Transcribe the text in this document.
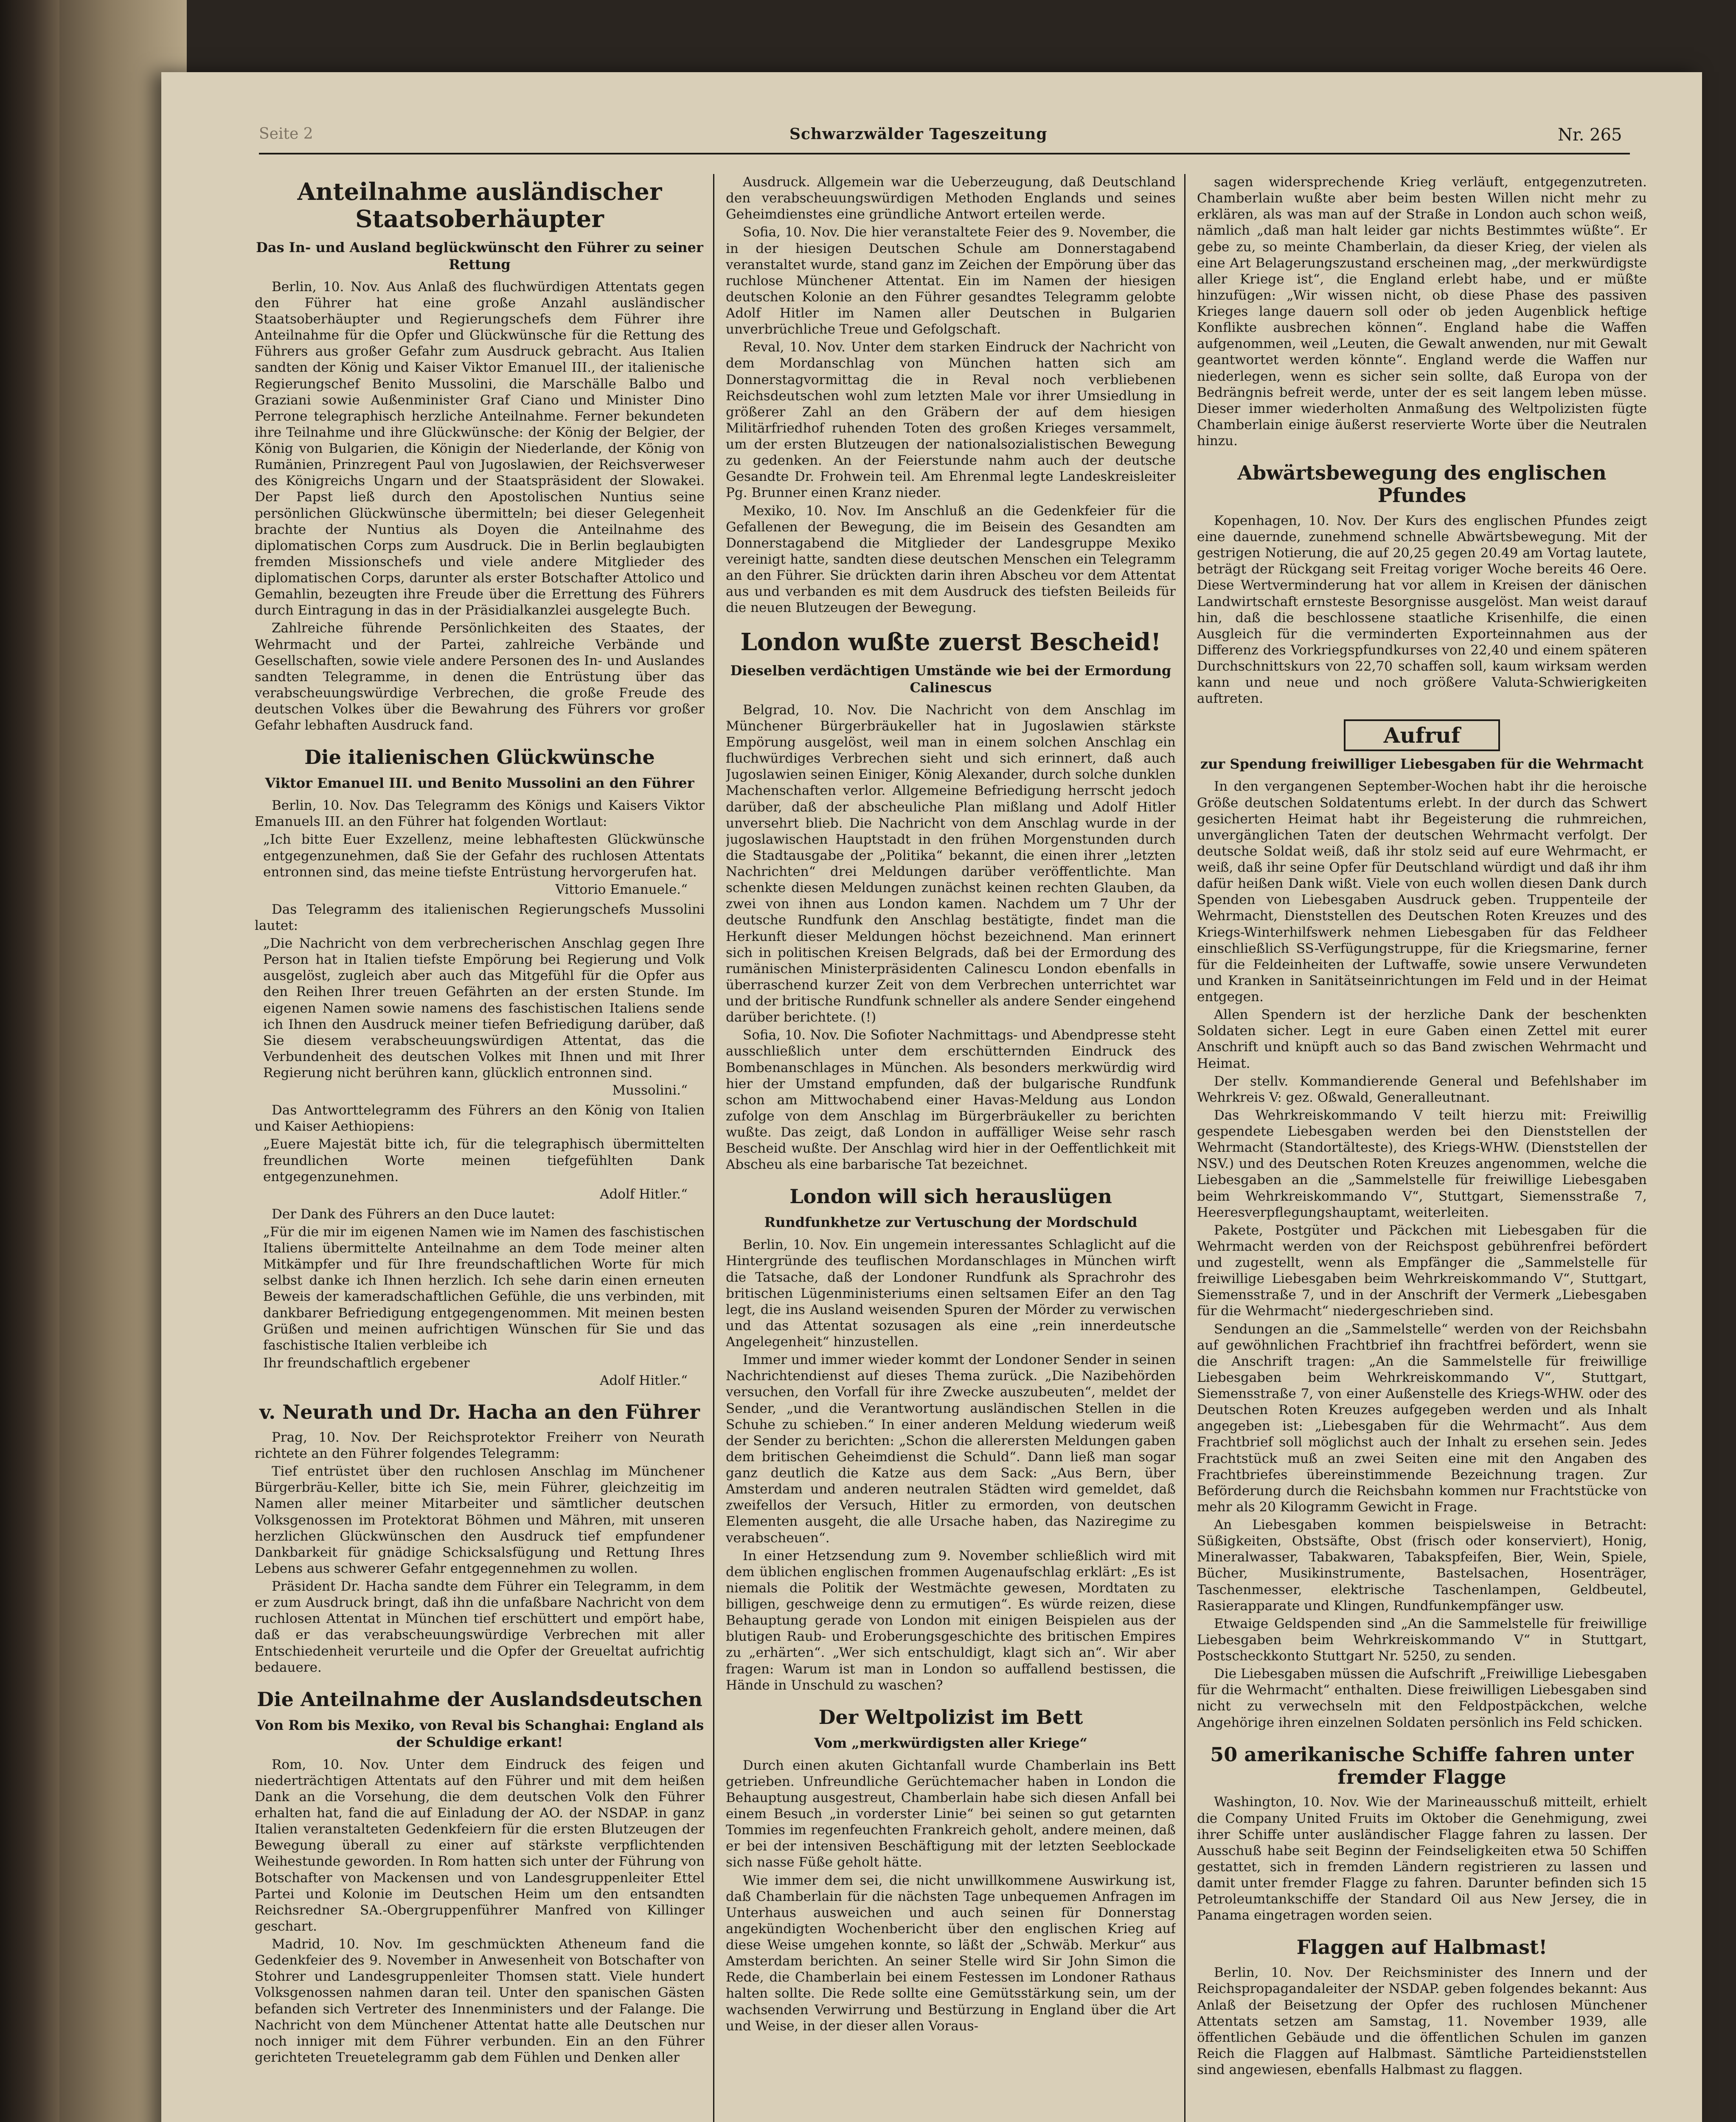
Seite 2	Schwarzwälder Tageszeitung	Nr. 265
Anteilnahme ausländischer Staatsoberhäupter
Das In- und Ausland beglückwünscht den Führer zu seiner Rettung

Berlin, 10. Nov. Aus Anlaß des fluchwürdigen Attentats gegen den Führer hat eine große Anzahl ausländischer Staatsoberhäupter und Regierungschefs dem Führer ihre Anteilnahme für die Opfer und Glückwünsche für die Rettung des Führers aus großer Gefahr zum Ausdruck gebracht. Aus Italien sandten der König und Kaiser Viktor Emanuel III., der italienische Regierungschef Benito Mussolini, die Marschälle Balbo und Graziani sowie Außenminister Graf Ciano und Minister Dino Perrone telegraphisch herzliche Anteilnahme. Ferner bekundeten ihre Teilnahme und ihre Glückwünsche: der König der Belgier, der König von Bulgarien, die Königin der Niederlande, der König von Rumänien, Prinzregent Paul von Jugoslawien, der Reichsverweser des Königreichs Ungarn und der Staatspräsident der Slowakei. Der Papst ließ durch den Apostolischen Nuntius seine persönlichen Glückwünsche übermitteln; bei dieser Gelegenheit brachte der Nuntius als Doyen die Anteilnahme des diplomatischen Corps zum Ausdruck. Die in Berlin beglaubigten fremden Missionschefs und viele andere Mitglieder des diplomatischen Corps, darunter als erster Botschafter Attolico und Gemahlin, bezeugten ihre Freude über die Errettung des Führers durch Eintragung in das in der Präsidialkanzlei ausgelegte Buch.

Zahlreiche führende Persönlichkeiten des Staates, der Wehrmacht und der Partei, zahlreiche Verbände und Gesellschaften, sowie viele andere Personen des In- und Auslandes sandten Telegramme, in denen die Entrüstung über das verabscheuungswürdige Verbrechen, die große Freude des deutschen Volkes über die Bewahrung des Führers vor großer Gefahr lebhaften Ausdruck fand.

Die italienischen Glückwünsche
Viktor Emanuel III. und Benito Mussolini an den Führer

Berlin, 10. Nov. Das Telegramm des Königs und Kaisers Viktor Emanuels III. an den Führer hat folgenden Wortlaut:

„Ich bitte Euer Exzellenz, meine lebhaftesten Glückwünsche entgegenzunehmen, daß Sie der Gefahr des ruchlosen Attentats entronnen sind, das meine tiefste Entrüstung hervorgerufen hat.

Vittorio Emanuele.“

Das Telegramm des italienischen Regierungschefs Mussolini lautet:

„Die Nachricht von dem verbrecherischen Anschlag gegen Ihre Person hat in Italien tiefste Empörung bei Regierung und Volk ausgelöst, zugleich aber auch das Mitgefühl für die Opfer aus den Reihen Ihrer treuen Gefährten an der ersten Stunde. Im eigenen Namen sowie namens des faschistischen Italiens sende ich Ihnen den Ausdruck meiner tiefen Befriedigung darüber, daß Sie diesem verabscheuungswürdigen Attentat, das die Verbundenheit des deutschen Volkes mit Ihnen und mit Ihrer Regierung nicht berühren kann, glücklich entronnen sind.

Mussolini.“

Das Antworttelegramm des Führers an den König von Italien und Kaiser Aethiopiens:

„Euere Majestät bitte ich, für die telegraphisch übermittelten freundlichen Worte meinen tiefgefühlten Dank entgegenzunehmen.

Adolf Hitler.“

Der Dank des Führers an den Duce lautet:

„Für die mir im eigenen Namen wie im Namen des faschistischen Italiens übermittelte Anteilnahme an dem Tode meiner alten Mitkämpfer und für Ihre freundschaftlichen Worte für mich selbst danke ich Ihnen herzlich. Ich sehe darin einen erneuten Beweis der kameradschaftlichen Gefühle, die uns verbinden, mit dankbarer Befriedigung entgegengenommen. Mit meinen besten Grüßen und meinen aufrichtigen Wünschen für Sie und das faschistische Italien verbleibe ich

Ihr freundschaftlich ergebener

Adolf Hitler.“
v. Neurath und Dr. Hacha an den Führer

Prag, 10. Nov. Der Reichsprotektor Freiherr von Neurath richtete an den Führer folgendes Telegramm:

Tief entrüstet über den ruchlosen Anschlag im Münchener Bürgerbräu-Keller, bitte ich Sie, mein Führer, gleichzeitig im Namen aller meiner Mitarbeiter und sämtlicher deutschen Volksgenossen im Protektorat Böhmen und Mähren, mit unseren herzlichen Glückwünschen den Ausdruck tief empfundener Dankbarkeit für gnädige Schicksalsfügung und Rettung Ihres Lebens aus schwerer Gefahr entgegennehmen zu wollen.

Präsident Dr. Hacha sandte dem Führer ein Telegramm, in dem er zum Ausdruck bringt, daß ihn die unfaßbare Nachricht von dem ruchlosen Attentat in München tief erschüttert und empört habe, daß er das verabscheuungswürdige Verbrechen mit aller Entschiedenheit verurteile und die Opfer der Greueltat aufrichtig bedauere.

Die Anteilnahme der Auslandsdeutschen
Von Rom bis Mexiko, von Reval bis Schanghai: England als der Schuldige erkant!

Rom, 10. Nov. Unter dem Eindruck des feigen und niederträchtigen Attentats auf den Führer und mit dem heißen Dank an die Vorsehung, die dem deutschen Volk den Führer erhalten hat, fand die auf Einladung der AO. der NSDAP. in ganz Italien veranstalteten Gedenkfeiern für die ersten Blutzeugen der Bewegung überall zu einer auf stärkste verpflichtenden Weihestunde geworden. In Rom hatten sich unter der Führung von Botschafter von Mackensen und von Landesgruppenleiter Ettel Partei und Kolonie im Deutschen Heim um den entsandten Reichsredner SA.-Obergruppenführer Manfred von Killinger geschart.

Madrid, 10. Nov. Im geschmückten Atheneum fand die Gedenkfeier des 9. November in Anwesenheit von Botschafter von Stohrer und Landesgruppenleiter Thomsen statt. Viele hundert Volksgenossen nahmen daran teil. Unter den spanischen Gästen befanden sich Vertreter des Innenministers und der Falange. Die Nachricht von dem Münchener Attentat hatte alle Deutschen nur noch inniger mit dem Führer verbunden. Ein an den Führer gerichteten Treuetelegramm gab dem Fühlen und Denken aller

Ausdruck. Allgemein war die Ueberzeugung, daß Deutschland den verabscheuungswürdigen Methoden Englands und seines Geheimdienstes eine gründliche Antwort erteilen werde.

Sofia, 10. Nov. Die hier veranstaltete Feier des 9. November, die in der hiesigen Deutschen Schule am Donnerstagabend veranstaltet wurde, stand ganz im Zeichen der Empörung über das ruchlose Münchener Attentat. Ein im Namen der hiesigen deutschen Kolonie an den Führer gesandtes Telegramm gelobte Adolf Hitler im Namen aller Deutschen in Bulgarien unverbrüchliche Treue und Gefolgschaft.

Reval, 10. Nov. Unter dem starken Eindruck der Nachricht von dem Mordanschlag von München hatten sich am Donnerstagvormittag die in Reval noch verbliebenen Reichsdeutschen wohl zum letzten Male vor ihrer Umsiedlung in größerer Zahl an den Gräbern der auf dem hiesigen Militärfriedhof ruhenden Toten des großen Krieges versammelt, um der ersten Blutzeugen der nationalsozialistischen Bewegung zu gedenken. An der Feierstunde nahm auch der deutsche Gesandte Dr. Frohwein teil. Am Ehrenmal legte Landeskreisleiter Pg. Brunner einen Kranz nieder.

Mexiko, 10. Nov. Im Anschluß an die Gedenkfeier für die Gefallenen der Bewegung, die im Beisein des Gesandten am Donnerstagabend die Mitglieder der Landesgruppe Mexiko vereinigt hatte, sandten diese deutschen Menschen ein Telegramm an den Führer. Sie drückten darin ihren Abscheu vor dem Attentat aus und verbanden es mit dem Ausdruck des tiefsten Beileids für die neuen Blutzeugen der Bewegung.

London wußte zuerst Bescheid!
Dieselben verdächtigen Umstände wie bei der Ermordung Calinescus

Belgrad, 10. Nov. Die Nachricht von dem Anschlag im Münchener Bürgerbräukeller hat in Jugoslawien stärkste Empörung ausgelöst, weil man in einem solchen Anschlag ein fluchwürdiges Verbrechen sieht und sich erinnert, daß auch Jugoslawien seinen Einiger, König Alexander, durch solche dunklen Machenschaften verlor. Allgemeine Befriedigung herrscht jedoch darüber, daß der abscheuliche Plan mißlang und Adolf Hitler unversehrt blieb. Die Nachricht von dem Anschlag wurde in der jugoslawischen Hauptstadt in den frühen Morgenstunden durch die Stadtausgabe der „Politika“ bekannt, die einen ihrer „letzten Nachrichten“ drei Meldungen darüber veröffentlichte. Man schenkte diesen Meldungen zunächst keinen rechten Glauben, da zwei von ihnen aus London kamen. Nachdem um 7 Uhr der deutsche Rundfunk den Anschlag bestätigte, findet man die Herkunft dieser Meldungen höchst bezeichnend. Man erinnert sich in politischen Kreisen Belgrads, daß bei der Ermordung des rumänischen Ministerpräsidenten Calinescu London ebenfalls in überraschend kurzer Zeit von dem Verbrechen unterrichtet war und der britische Rundfunk schneller als andere Sender eingehend darüber berichtete. (!)

Sofia, 10. Nov. Die Sofioter Nachmittags- und Abendpresse steht ausschließlich unter dem erschütternden Eindruck des Bombenanschlages in München. Als besonders merkwürdig wird hier der Umstand empfunden, daß der bulgarische Rundfunk schon am Mittwochabend einer Havas-Meldung aus London zufolge von dem Anschlag im Bürgerbräukeller zu berichten wußte. Das zeigt, daß London in auffälliger Weise sehr rasch Bescheid wußte. Der Anschlag wird hier in der Oeffentlichkeit mit Abscheu als eine barbarische Tat bezeichnet.

London will sich herauslügen
Rundfunkhetze zur Vertuschung der Mordschuld

Berlin, 10. Nov. Ein ungemein interessantes Schlaglicht auf die Hintergründe des teuflischen Mordanschlages in München wirft die Tatsache, daß der Londoner Rundfunk als Sprachrohr des britischen Lügenministeriums einen seltsamen Eifer an den Tag legt, die ins Ausland weisenden Spuren der Mörder zu verwischen und das Attentat sozusagen als eine „rein innerdeutsche Angelegenheit“ hinzustellen.

Immer und immer wieder kommt der Londoner Sender in seinen Nachrichtendienst auf dieses Thema zurück. „Die Nazibehörden versuchen, den Vorfall für ihre Zwecke auszubeuten“, meldet der Sender, „und die Verantwortung ausländischen Stellen in die Schuhe zu schieben.“ In einer anderen Meldung wiederum weiß der Sender zu berichten: „Schon die allerersten Meldungen gaben dem britischen Geheimdienst die Schuld“. Dann ließ man sogar ganz deutlich die Katze aus dem Sack: „Aus Bern, über Amsterdam und anderen neutralen Städten wird gemeldet, daß zweifellos der Versuch, Hitler zu ermorden, von deutschen Elementen ausgeht, die alle Ursache haben, das Naziregime zu verabscheuen“.

In einer Hetzsendung zum 9. November schließlich wird mit dem üblichen englischen frommen Augenaufschlag erklärt: „Es ist niemals die Politik der Westmächte gewesen, Mordtaten zu billigen, geschweige denn zu ermutigen“. Es würde reizen, diese Behauptung gerade von London mit einigen Beispielen aus der blutigen Raub- und Eroberungsgeschichte des britischen Empires zu „erhärten“. „Wer sich entschuldigt, klagt sich an“. Wir aber fragen: Warum ist man in London so auffallend bestissen, die Hände in Unschuld zu waschen?

Der Weltpolizist im Bett
Vom „merkwürdigsten aller Kriege“

Durch einen akuten Gichtanfall wurde Chamberlain ins Bett getrieben. Unfreundliche Gerüchtemacher haben in London die Behauptung ausgestreut, Chamberlain habe sich diesen Anfall bei einem Besuch „in vorderster Linie“ bei seinen so gut getarnten Tommies im regenfeuchten Frankreich geholt, andere meinen, daß er bei der intensiven Beschäftigung mit der letzten Seeblockade sich nasse Füße geholt hätte.

Wie immer dem sei, die nicht unwillkommene Auswirkung ist, daß Chamberlain für die nächsten Tage unbequemen Anfragen im Unterhaus ausweichen und auch seinen für Donnerstag angekündigten Wochenbericht über den englischen Krieg auf diese Weise umgehen konnte, so läßt der „Schwäb. Merkur“ aus Amsterdam berichten. An seiner Stelle wird Sir John Simon die Rede, die Chamberlain bei einem Festessen im Londoner Rathaus halten sollte. Die Rede sollte eine Gemütsstärkung sein, um der wachsenden Verwirrung und Bestürzung in England über die Art und Weise, in der dieser allen Voraus-

sagen widersprechende Krieg verläuft, entgegenzutreten. Chamberlain wußte aber beim besten Willen nicht mehr zu erklären, als was man auf der Straße in London auch schon weiß, nämlich „daß man halt leider gar nichts Bestimmtes wüßte“. Er gebe zu, so meinte Chamberlain, da dieser Krieg, der vielen als eine Art Belagerungszustand erscheinen mag, „der merkwürdigste aller Kriege ist“, die England erlebt habe, und er müßte hinzufügen: „Wir wissen nicht, ob diese Phase des passiven Krieges lange dauern soll oder ob jeden Augenblick heftige Konflikte ausbrechen können“. England habe die Waffen aufgenommen, weil „Leuten, die Gewalt anwenden, nur mit Gewalt geantwortet werden könnte“. England werde die Waffen nur niederlegen, wenn es sicher sein sollte, daß Europa von der Bedrängnis befreit werde, unter der es seit langem leben müsse. Dieser immer wiederholten Anmaßung des Weltpolizisten fügte Chamberlain einige äußerst reservierte Worte über die Neutralen hinzu.

Abwärtsbewegung des englischen Pfundes

Kopenhagen, 10. Nov. Der Kurs des englischen Pfundes zeigt eine dauernde, zunehmend schnelle Abwärtsbewegung. Mit der gestrigen Notierung, die auf 20,25 gegen 20.49 am Vortag lautete, beträgt der Rückgang seit Freitag voriger Woche bereits 46 Oere. Diese Wertverminderung hat vor allem in Kreisen der dänischen Landwirtschaft ernsteste Besorgnisse ausgelöst. Man weist darauf hin, daß die beschlossene staatliche Krisenhilfe, die einen Ausgleich für die verminderten Exporteinnahmen aus der Differenz des Vorkriegspfundkurses von 22,40 und einem späteren Durchschnittskurs von 22,70 schaffen soll, kaum wirksam werden kann und neue und noch größere Valuta-Schwierigkeiten auftreten.

Aufruf
zur Spendung freiwilliger Liebesgaben für die Wehrmacht

In den vergangenen September-Wochen habt ihr die heroische Größe deutschen Soldatentums erlebt. In der durch das Schwert gesicherten Heimat habt ihr Begeisterung die ruhmreichen, unvergänglichen Taten der deutschen Wehrmacht verfolgt. Der deutsche Soldat weiß, daß ihr stolz seid auf eure Wehrmacht, er weiß, daß ihr seine Opfer für Deutschland würdigt und daß ihr ihm dafür heißen Dank wißt. Viele von euch wollen diesen Dank durch Spenden von Liebesgaben Ausdruck geben. Truppenteile der Wehrmacht, Dienststellen des Deutschen Roten Kreuzes und des Kriegs-Winterhilfswerk nehmen Liebesgaben für das Feldheer einschließlich SS-Verfügungstruppe, für die Kriegsmarine, ferner für die Feldeinheiten der Luftwaffe, sowie unsere Verwundeten und Kranken in Sanitätseinrichtungen im Feld und in der Heimat entgegen.

Allen Spendern ist der herzliche Dank der beschenkten Soldaten sicher. Legt in eure Gaben einen Zettel mit eurer Anschrift und knüpft auch so das Band zwischen Wehrmacht und Heimat.

Der stellv. Kommandierende General und Befehlshaber im Wehrkreis V: gez. Oßwald, Generalleutnant.

Das Wehrkreiskommando V teilt hierzu mit: Freiwillig gespendete Liebesgaben werden bei den Dienststellen der Wehrmacht (Standortälteste), des Kriegs-WHW. (Dienststellen der NSV.) und des Deutschen Roten Kreuzes angenommen, welche die Liebesgaben an die „Sammelstelle für freiwillige Liebesgaben beim Wehrkreiskommando V“, Stuttgart, Siemensstraße 7, Heeresverpflegungshauptamt, weiterleiten.

Pakete, Postgüter und Päckchen mit Liebesgaben für die Wehrmacht werden von der Reichspost gebührenfrei befördert und zugestellt, wenn als Empfänger die „Sammelstelle für freiwillige Liebesgaben beim Wehrkreiskommando V“, Stuttgart, Siemensstraße 7, und in der Anschrift der Vermerk „Liebesgaben für die Wehrmacht“ niedergeschrieben sind.

Sendungen an die „Sammelstelle“ werden von der Reichsbahn auf gewöhnlichen Frachtbrief ihn frachtfrei befördert, wenn sie die Anschrift tragen: „An die Sammelstelle für freiwillige Liebesgaben beim Wehrkreiskommando V“, Stuttgart, Siemensstraße 7, von einer Außenstelle des Kriegs-WHW. oder des Deutschen Roten Kreuzes aufgegeben werden und als Inhalt angegeben ist: „Liebesgaben für die Wehrmacht“. Aus dem Frachtbrief soll möglichst auch der Inhalt zu ersehen sein. Jedes Frachtstück muß an zwei Seiten eine mit den Angaben des Frachtbriefes übereinstimmende Bezeichnung tragen. Zur Beförderung durch die Reichsbahn kommen nur Frachtstücke von mehr als 20 Kilogramm Gewicht in Frage.

An Liebesgaben kommen beispielsweise in Betracht: Süßigkeiten, Obstsäfte, Obst (frisch oder konserviert), Honig, Mineralwasser, Tabakwaren, Tabakspfeifen, Bier, Wein, Spiele, Bücher, Musikinstrumente, Bastelsachen, Hosenträger, Taschenmesser, elektrische Taschenlampen, Geldbeutel, Rasierapparate und Klingen, Rundfunkempfänger usw.

Etwaige Geldspenden sind „An die Sammelstelle für freiwillige Liebesgaben beim Wehrkreiskommando V“ in Stuttgart, Postscheckkonto Stuttgart Nr. 5250, zu senden.

Die Liebesgaben müssen die Aufschrift „Freiwillige Liebesgaben für die Wehrmacht“ enthalten. Diese freiwilligen Liebesgaben sind nicht zu verwechseln mit den Feldpostpäckchen, welche Angehörige ihren einzelnen Soldaten persönlich ins Feld schicken.

50 amerikanische Schiffe fahren unter fremder Flagge

Washington, 10. Nov. Wie der Marineausschuß mitteilt, erhielt die Company United Fruits im Oktober die Genehmigung, zwei ihrer Schiffe unter ausländischer Flagge fahren zu lassen. Der Ausschuß habe seit Beginn der Feindseligkeiten etwa 50 Schiffen gestattet, sich in fremden Ländern registrieren zu lassen und damit unter fremder Flagge zu fahren. Darunter befinden sich 15 Petroleumtankschiffe der Standard Oil aus New Jersey, die in Panama eingetragen worden seien.

Flaggen auf Halbmast!

Berlin, 10. Nov. Der Reichsminister des Innern und der Reichspropagandaleiter der NSDAP. geben folgendes bekannt: Aus Anlaß der Beisetzung der Opfer des ruchlosen Münchener Attentats setzen am Samstag, 11. November 1939, alle öffentlichen Gebäude und die öffentlichen Schulen im ganzen Reich die Flaggen auf Halbmast. Sämtliche Parteidienststellen sind angewiesen, ebenfalls Halbmast zu flaggen.
